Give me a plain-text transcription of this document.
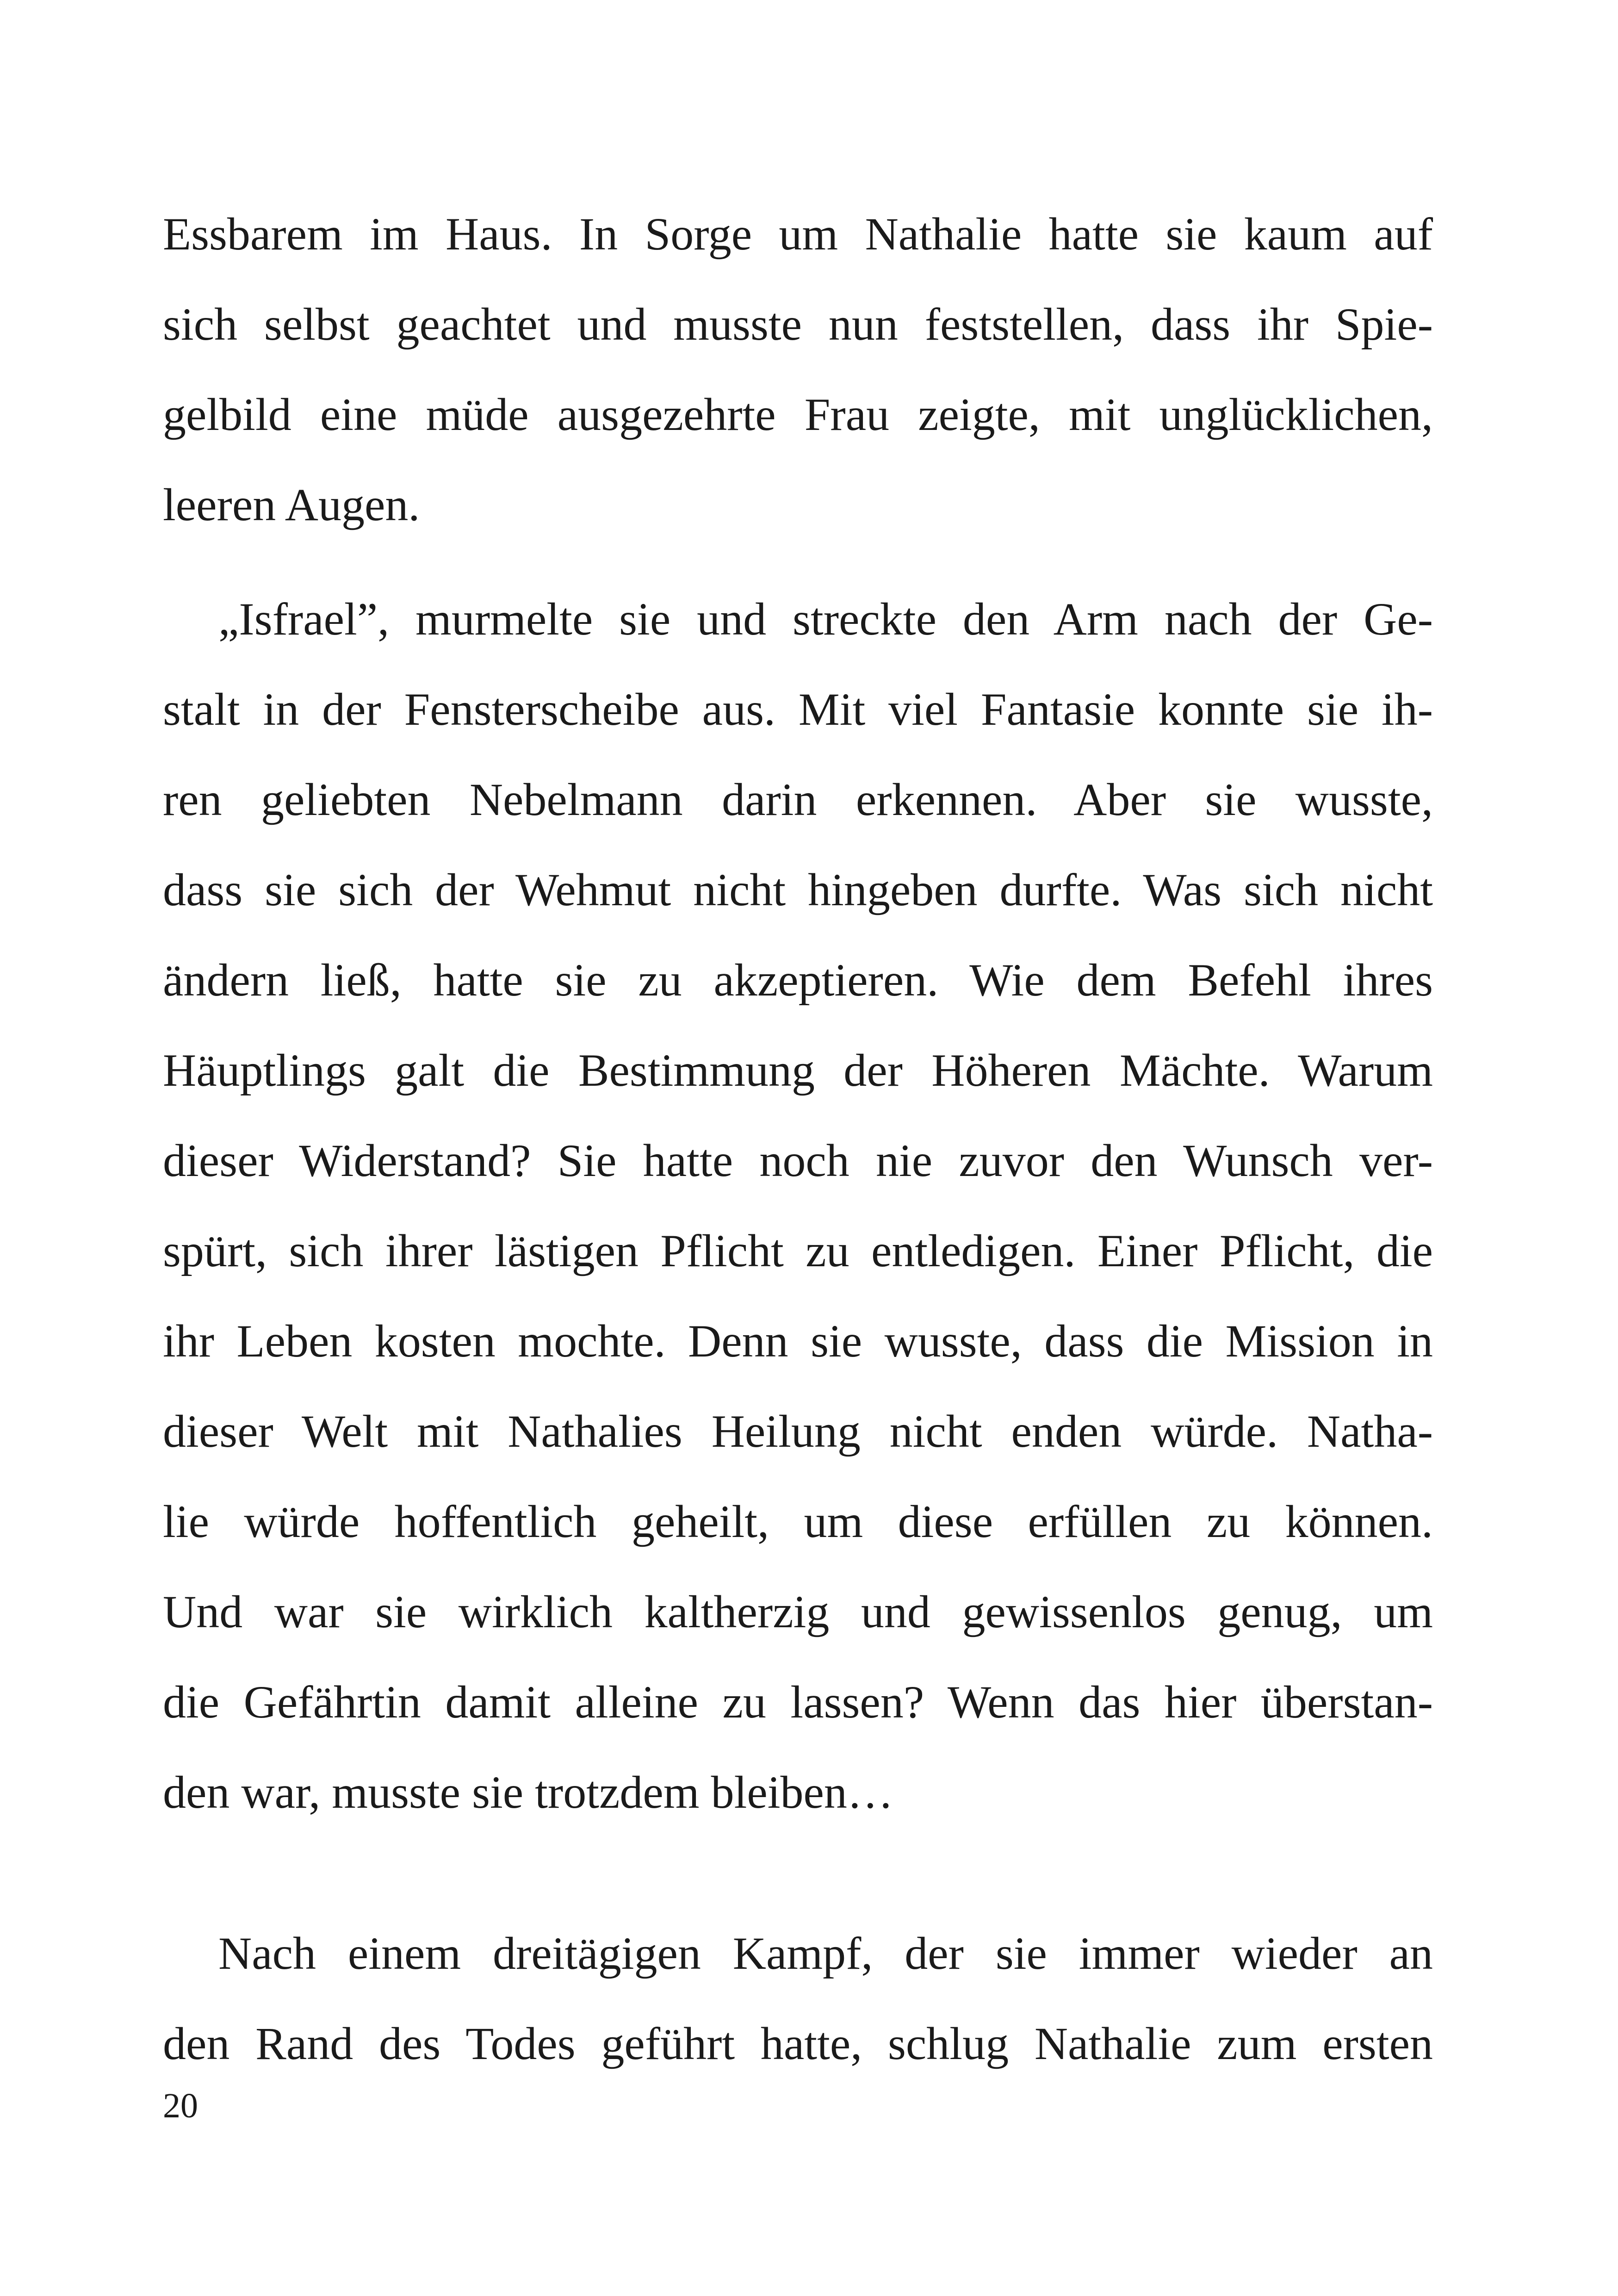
Essbarem im Haus. In Sorge um Nathalie hatte sie kaum auf
sich selbst geachtet und musste nun feststellen, dass ihr Spie-
gelbild eine müde ausgezehrte Frau zeigte, mit unglücklichen,
leeren Augen.
„Isfrael”, murmelte sie und streckte den Arm nach der Ge-
stalt in der Fensterscheibe aus. Mit viel Fantasie konnte sie ih-
ren geliebten Nebelmann darin erkennen. Aber sie wusste,
dass sie sich der Wehmut nicht hingeben durfte. Was sich nicht
ändern ließ, hatte sie zu akzeptieren. Wie dem Befehl ihres
Häuptlings galt die Bestimmung der Höheren Mächte. Warum
dieser Widerstand? Sie hatte noch nie zuvor den Wunsch ver-
spürt, sich ihrer lästigen Pflicht zu entledigen. Einer Pflicht, die
ihr Leben kosten mochte. Denn sie wusste, dass die Mission in
dieser Welt mit Nathalies Heilung nicht enden würde. Natha-
lie würde hoffentlich geheilt, um diese erfüllen zu können.
Und war sie wirklich kaltherzig und gewissenlos genug, um
die Gefährtin damit alleine zu lassen? Wenn das hier überstan-
den war, musste sie trotzdem bleiben…
Nach einem dreitägigen Kampf, der sie immer wieder an
den Rand des Todes geführt hatte, schlug Nathalie zum ersten
20
